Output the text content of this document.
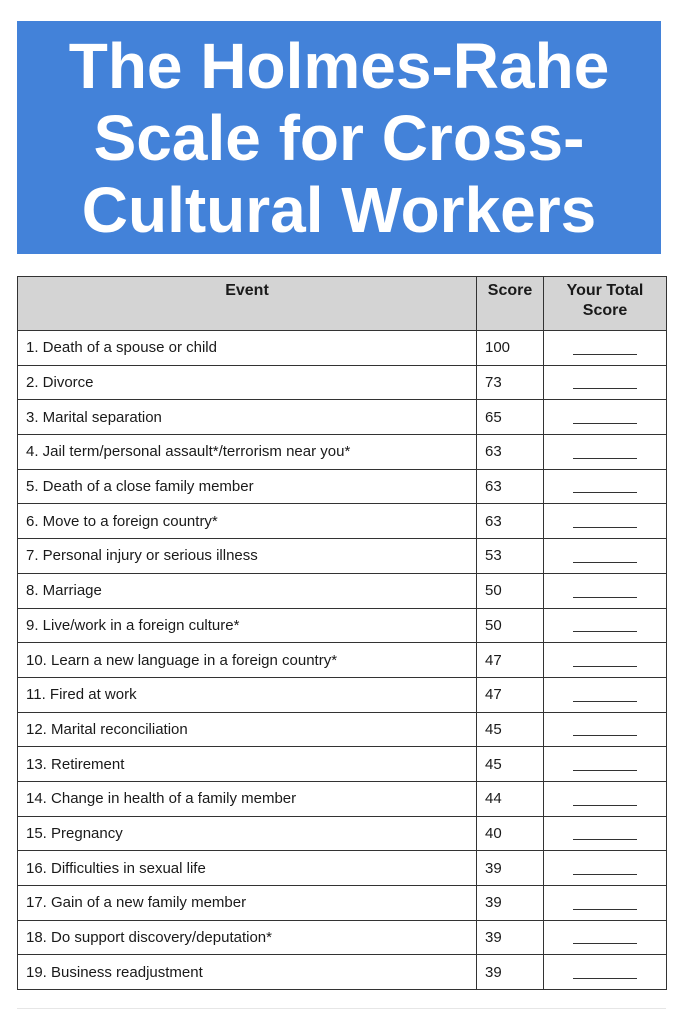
The Holmes-Rahe
Scale for Cross-
Cultural Workers
Event	Score	Your Total Score
1. Death of a spouse or child	100	
2. Divorce	73	
3. Marital separation	65	
4. Jail term/personal assault*/terrorism near you*	63	
5. Death of a close family member	63	
6. Move to a foreign country*	63	
7. Personal injury or serious illness	53	
8. Marriage	50	
9. Live/work in a foreign culture*	50	
10. Learn a new language in a foreign country*	47	
11. Fired at work	47	
12. Marital reconciliation	45	
13. Retirement	45	
14. Change in health of a family member	44	
15. Pregnancy	40	
16. Difficulties in sexual life	39	
17. Gain of a new family member	39	
18. Do support discovery/deputation*	39	
19. Business readjustment	39	
